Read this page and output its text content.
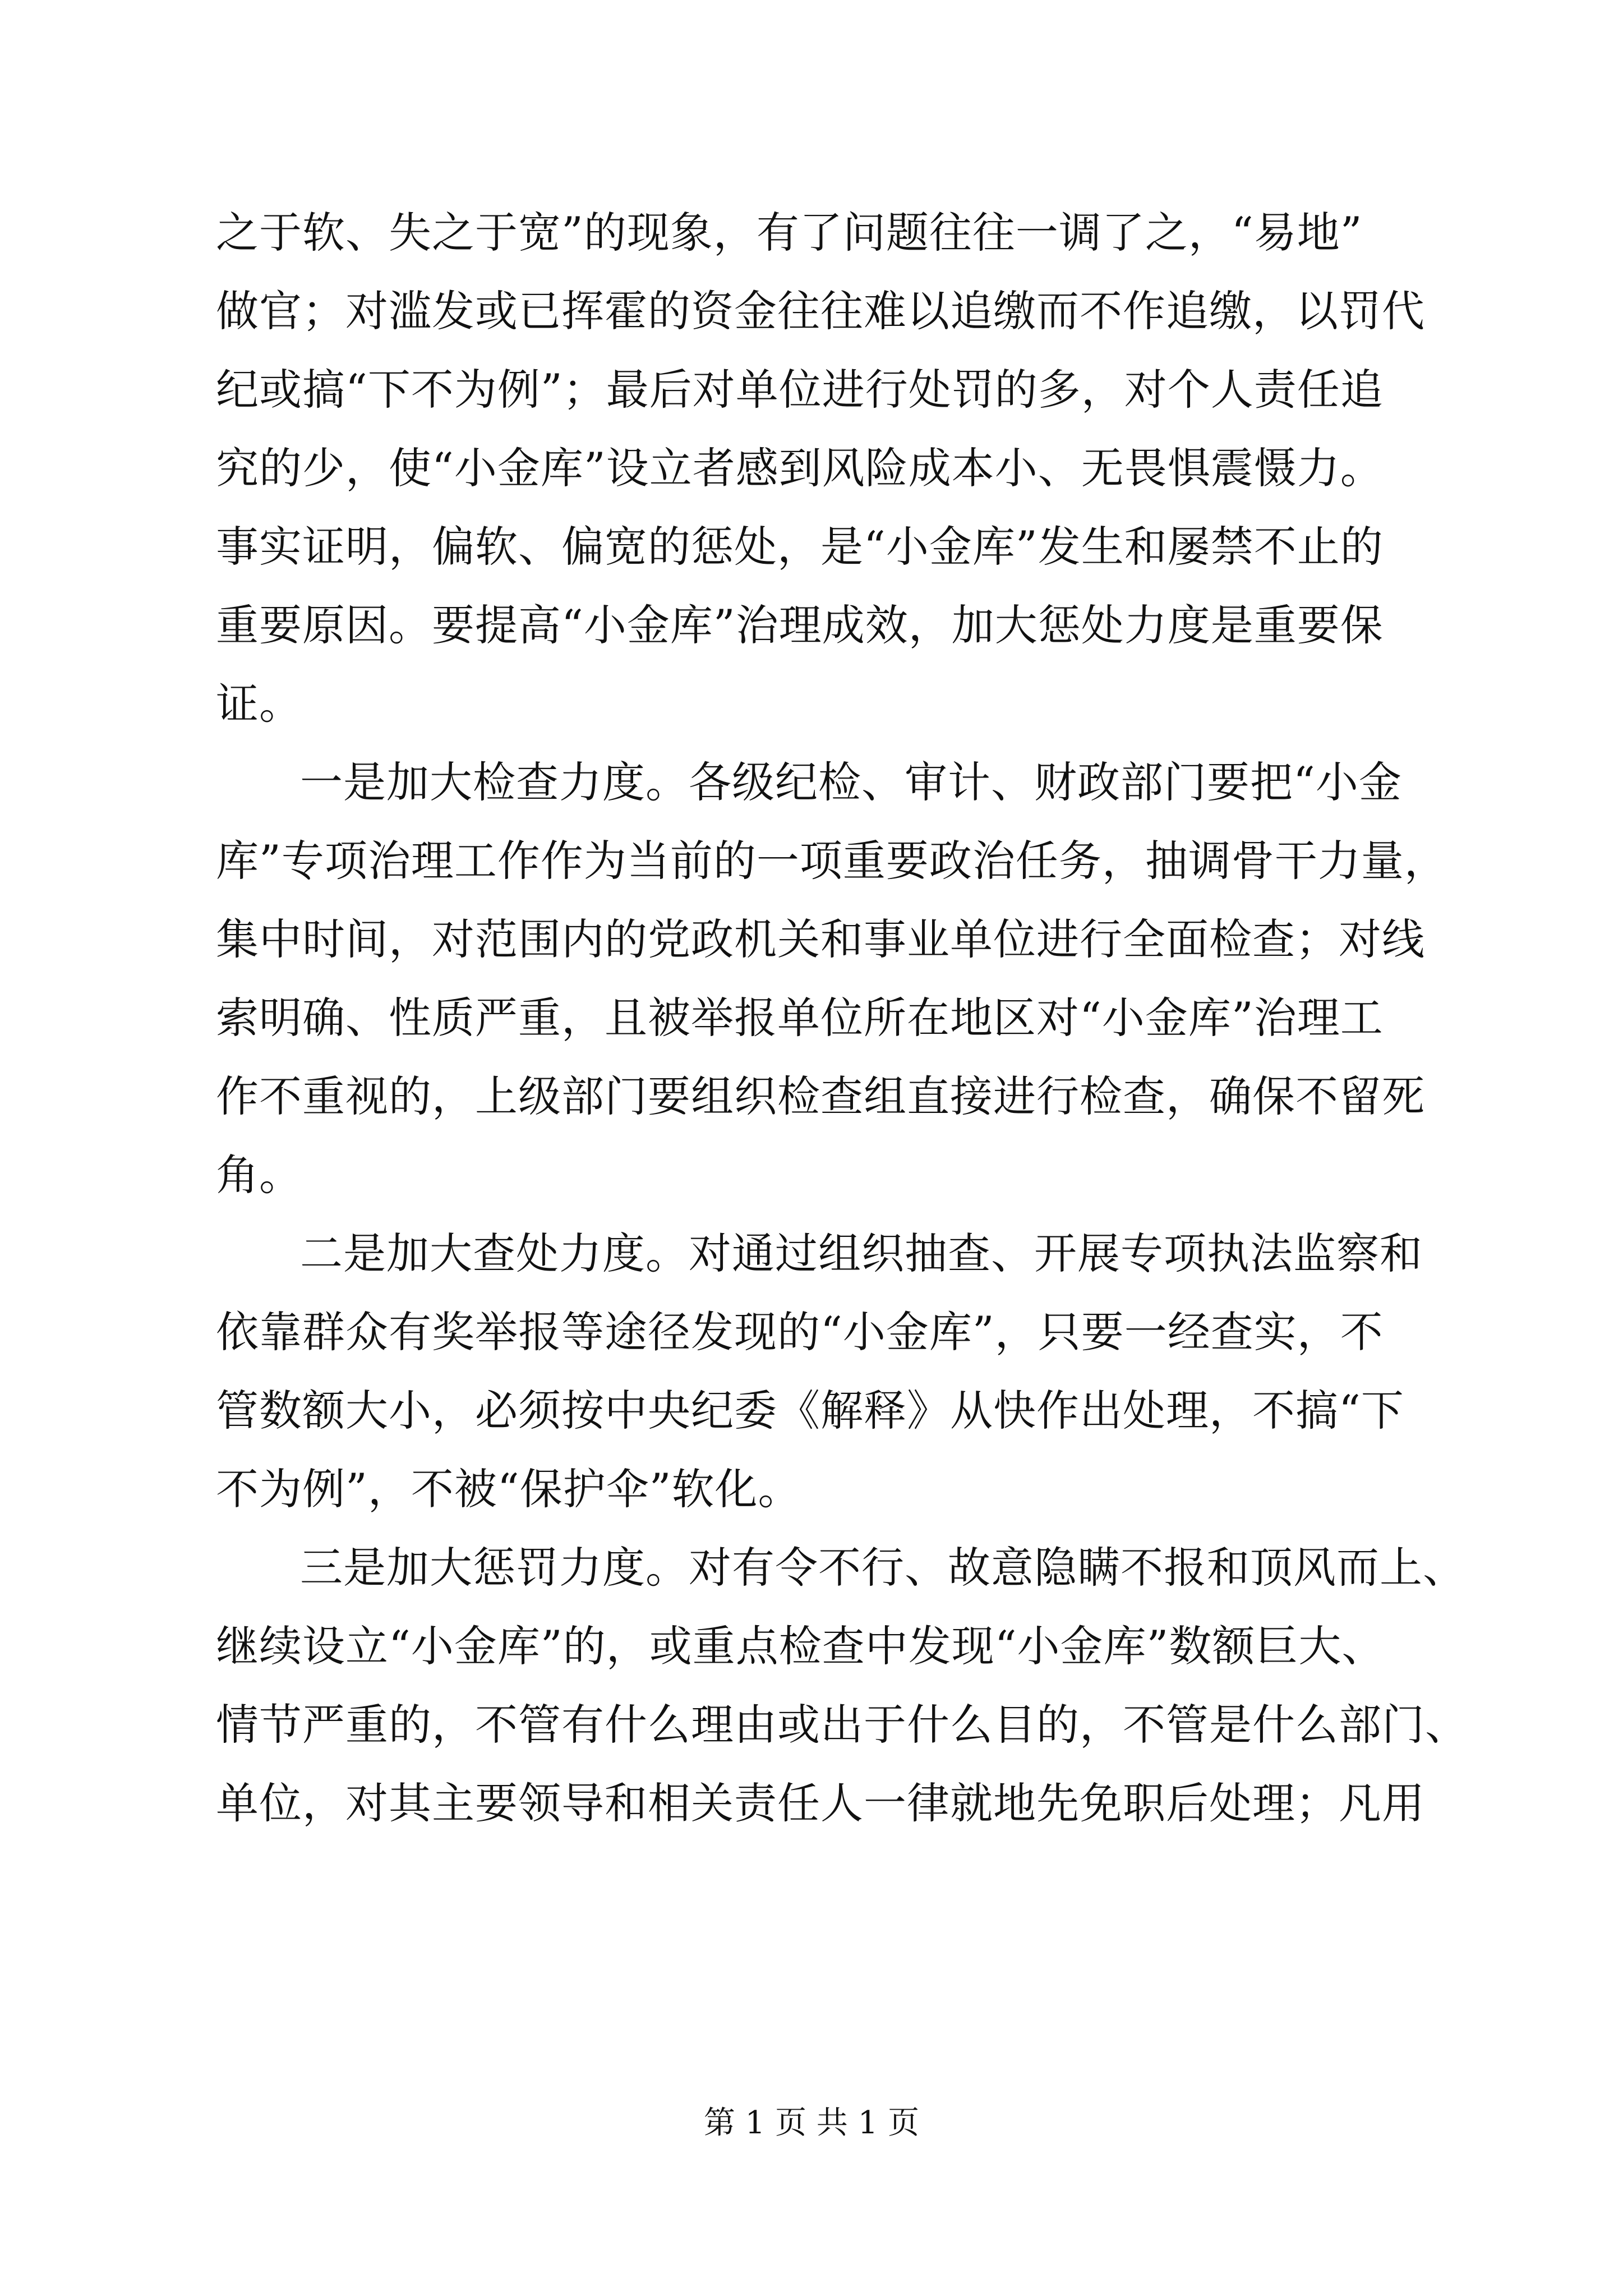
之于软、失之于宽”的现象，有了问题往往一调了之，“易地”
做官；对滥发或已挥霍的资金往往难以追缴而不作追缴，以罚代
纪或搞“下不为例”；最后对单位进行处罚的多，对个人责任追
究的少，使“小金库”设立者感到风险成本小、无畏惧震慑力。
事实证明，偏软、偏宽的惩处，是“小金库”发生和屡禁不止的
重要原因。要提高“小金库”治理成效，加大惩处力度是重要保
证。
一是加大检查力度。各级纪检、审计、财政部门要把“小金
库”专项治理工作作为当前的一项重要政治任务，抽调骨干力量，
集中时间，对范围内的党政机关和事业单位进行全面检查；对线
索明确、性质严重，且被举报单位所在地区对“小金库”治理工
作不重视的，上级部门要组织检查组直接进行检查，确保不留死
角。
二是加大查处力度。对通过组织抽查、开展专项执法监察和
依靠群众有奖举报等途径发现的“小金库”，只要一经查实，不
管数额大小，必须按中央纪委《解释》从快作出处理，不搞“下
不为例”，不被“保护伞”软化。
三是加大惩罚力度。对有令不行、故意隐瞒不报和顶风而上、
继续设立“小金库”的，或重点检查中发现“小金库”数额巨大、
情节严重的，不管有什么理由或出于什么目的，不管是什么部门、
单位，对其主要领导和相关责任人一律就地先免职后处理；凡用
第 1 页 共 1 页
